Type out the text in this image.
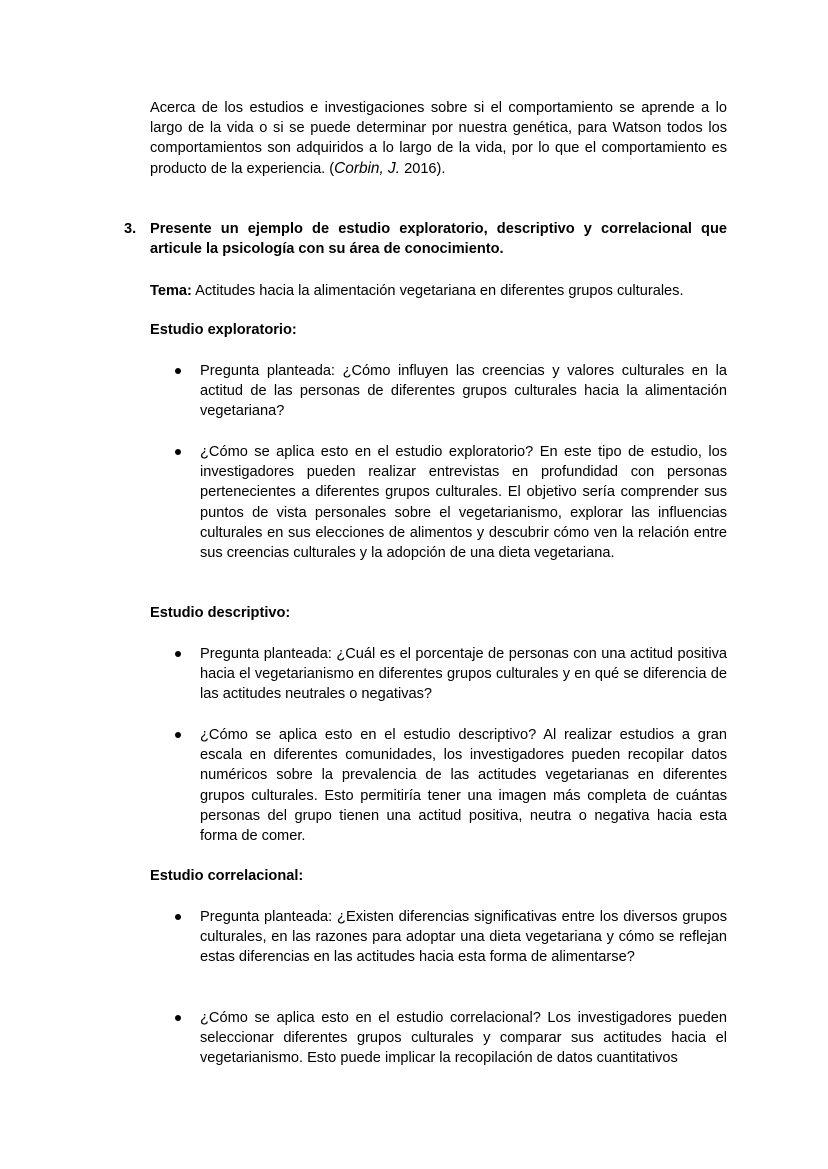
Acerca de los estudios e investigaciones sobre si el comportamiento se aprende a lo largo de la vida o si se puede determinar por nuestra genética, para Watson todos los comportamientos son adquiridos a lo largo de la vida, por lo que el comportamiento es producto de la experiencia. (Corbin, J. 2016).

3. Presente un ejemplo de estudio exploratorio, descriptivo y correlacional que articule la psicología con su área de conocimiento.

Tema: Actitudes hacia la alimentación vegetariana en diferentes grupos culturales.

Estudio exploratorio:

Pregunta planteada: ¿Cómo influyen las creencias y valores culturales en la actitud de las personas de diferentes grupos culturales hacia la alimentación vegetariana?

¿Cómo se aplica esto en el estudio exploratorio? En este tipo de estudio, los investigadores pueden realizar entrevistas en profundidad con personas pertenecientes a diferentes grupos culturales. El objetivo sería comprender sus puntos de vista personales sobre el vegetarianismo, explorar las influencias culturales en sus elecciones de alimentos y descubrir cómo ven la relación entre sus creencias culturales y la adopción de una dieta vegetariana.

Estudio descriptivo:

Pregunta planteada: ¿Cuál es el porcentaje de personas con una actitud positiva hacia el vegetarianismo en diferentes grupos culturales y en qué se diferencia de las actitudes neutrales o negativas?

¿Cómo se aplica esto en el estudio descriptivo? Al realizar estudios a gran escala en diferentes comunidades, los investigadores pueden recopilar datos numéricos sobre la prevalencia de las actitudes vegetarianas en diferentes grupos culturales. Esto permitiría tener una imagen más completa de cuántas personas del grupo tienen una actitud positiva, neutra o negativa hacia esta forma de comer.

Estudio correlacional:

Pregunta planteada: ¿Existen diferencias significativas entre los diversos grupos culturales, en las razones para adoptar una dieta vegetariana y cómo se reflejan estas diferencias en las actitudes hacia esta forma de alimentarse?

¿Cómo se aplica esto en el estudio correlacional? Los investigadores pueden seleccionar diferentes grupos culturales y comparar sus actitudes hacia el vegetarianismo. Esto puede implicar la recopilación de datos cuantitativos
